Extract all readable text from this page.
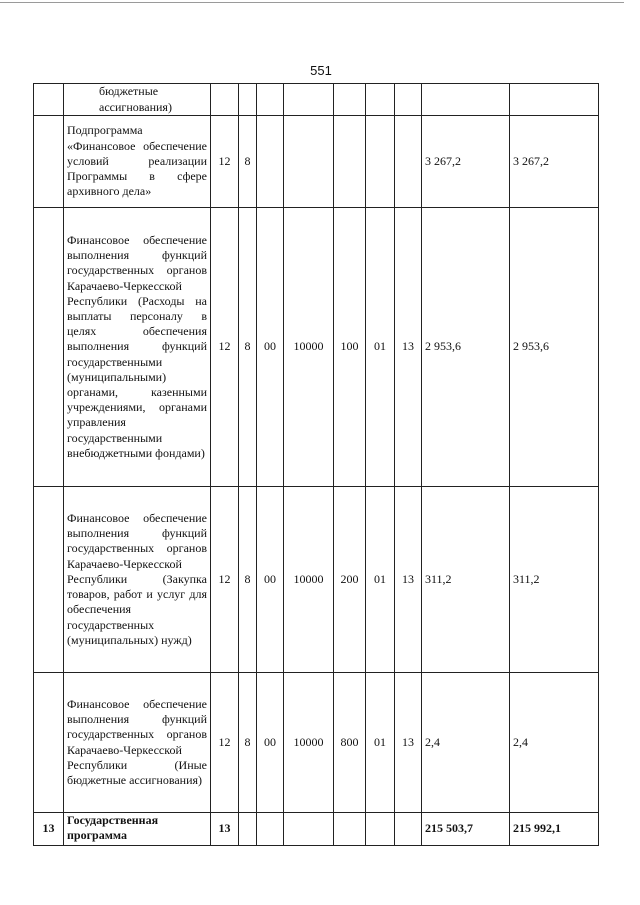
551

	бюджетные ассигнования)									

	Подпрограмма «Финансовое обеспечение условий реализации Программы в сфере архивного дела»	12	8						3 267,2	3 267,2

	Финансовое обеспечение выполнения функций государственных органов Карачаево-Черкесской Республики (Расходы на выплаты персоналу в целях обеспечения выполнения функций государственными (муниципальными) органами, казенными учреждениями, органами управления государственными внебюджетными фондами)	12	8	00	10000	100	01	13	2 953,6	2 953,6

	Финансовое обеспечение выполнения функций государственных органов Карачаево-Черкесской Республики (Закупка товаров, работ и услуг для обеспечения государственных (муниципальных) нужд)	12	8	00	10000	200	01	13	311,2	311,2

	Финансовое обеспечение выполнения функций государственных органов Карачаево-Черкесской Республики (Иные бюджетные ассигнования)	12	8	00	10000	800	01	13	2,4	2,4
13	Государственная программа	13							215 503,7	215 992,1
